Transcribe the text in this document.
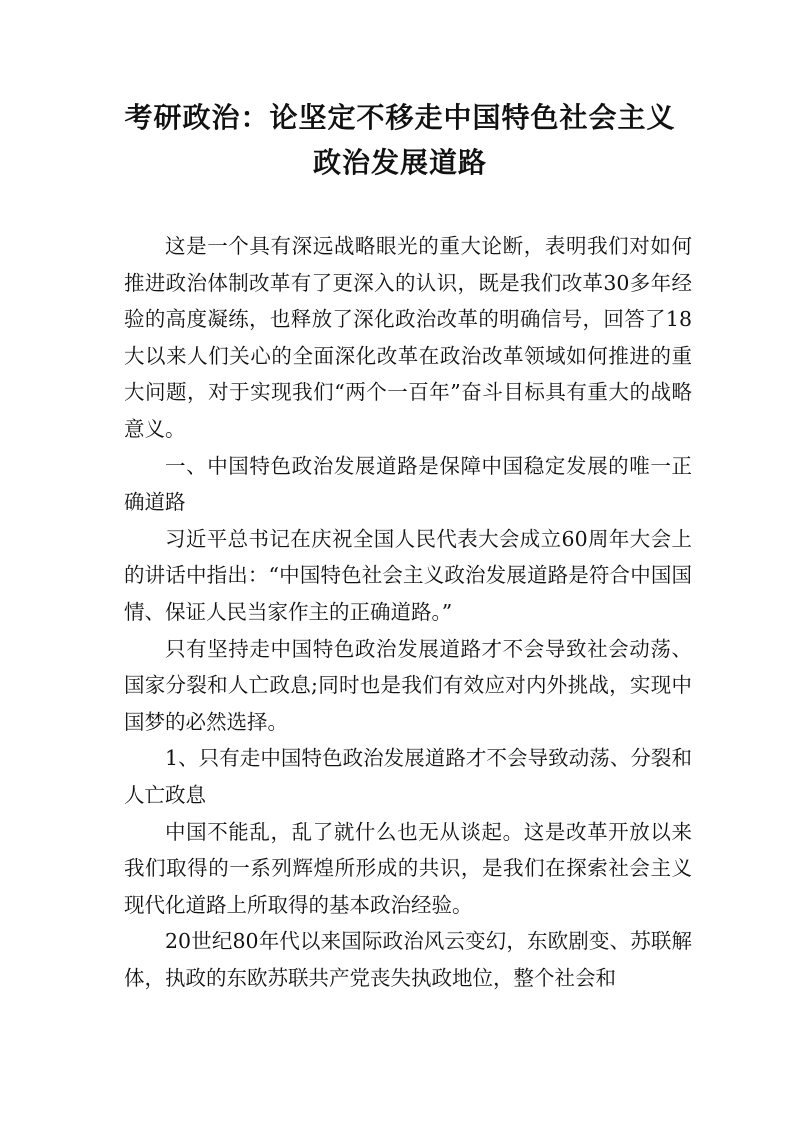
考研政治：论坚定不移走中国特色社会主义
政治发展道路

这是一个具有深远战略眼光的重大论断，表明我们对如何推进政治体制改革有了更深入的认识，既是我们改革30多年经验的高度凝练，也释放了深化政治改革的明确信号，回答了18大以来人们关心的全面深化改革在政治改革领域如何推进的重大问题，对于实现我们“两个一百年”奋斗目标具有重大的战略意义。

一、中国特色政治发展道路是保障中国稳定发展的唯一正确道路

习近平总书记在庆祝全国人民代表大会成立60周年大会上的讲话中指出：“中国特色社会主义政治发展道路是符合中国国情、保证人民当家作主的正确道路。”

只有坚持走中国特色政治发展道路才不会导致社会动荡、国家分裂和人亡政息;同时也是我们有效应对内外挑战，实现中国梦的必然选择。

1、只有走中国特色政治发展道路才不会导致动荡、分裂和人亡政息

中国不能乱，乱了就什么也无从谈起。这是改革开放以来我们取得的一系列辉煌所形成的共识，是我们在探索社会主义现代化道路上所取得的基本政治经验。

20世纪80年代以来国际政治风云变幻，东欧剧变、苏联解体，执政的东欧苏联共产党丧失执政地位，整个社会和
